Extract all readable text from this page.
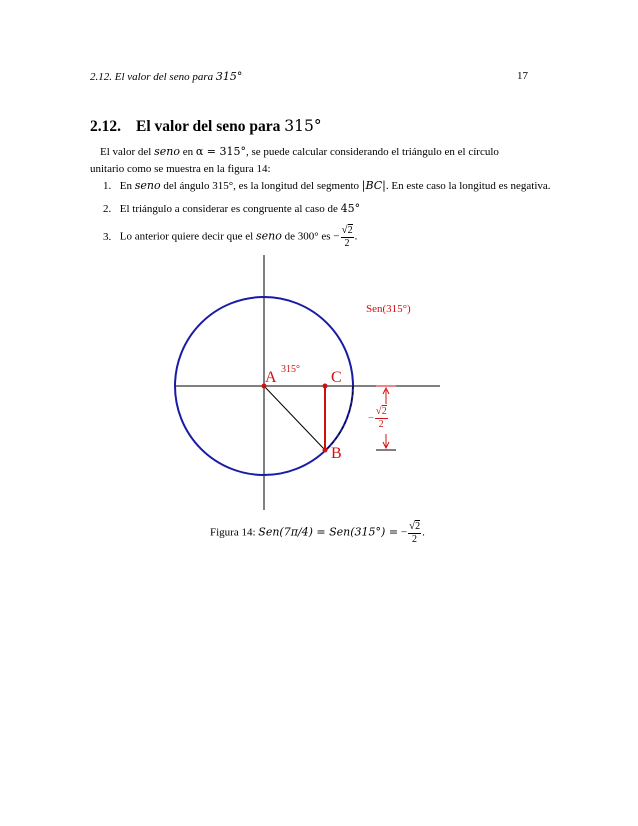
2.12. El valor del seno para 315°	17
2.12. El valor del seno para 315°
El valor del seno en α = 315°, se puede calcular considerando el triángulo en el círculo unitario como se muestra en la figura 14:
1. En seno del ángulo 315°, es la longitud del segmento |BC|. En este caso la longitud es negativa.
2. El triángulo a considerar es congruente al caso de 45°
3. Lo anterior quiere decir que el seno de 300° es − $\frac{√ 2}{2}$ .
Sen(315°)
315°
A	C
B
− $\frac{√ 2}{2}$
Figura 14: Sen(7π/4) = Sen(315°) = − $\frac{√ 2}{2}$ .
